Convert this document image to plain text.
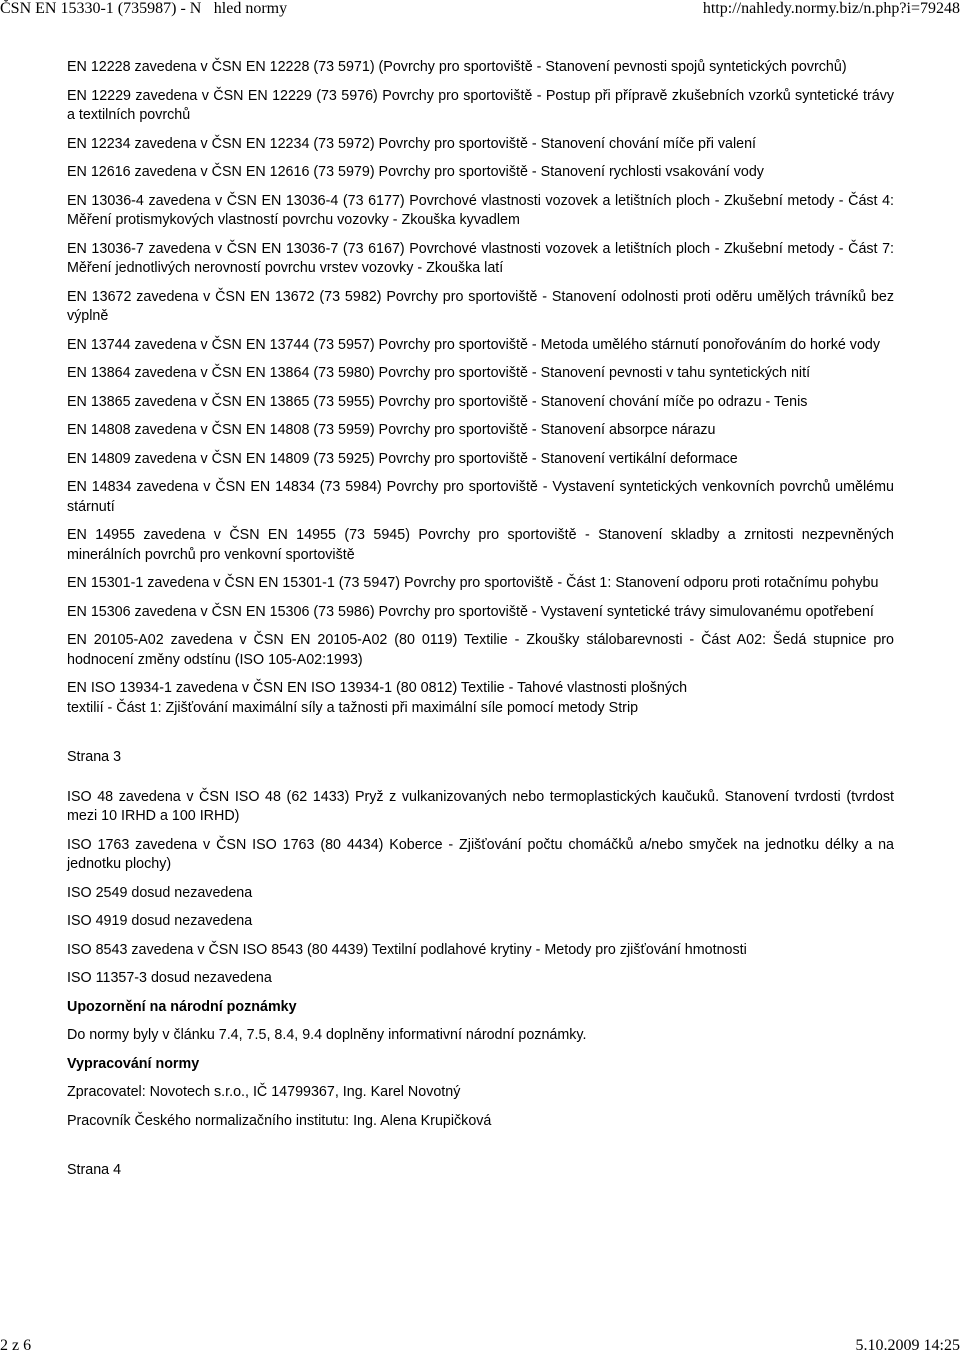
ČSN EN 15330-1 (735987) - N hled normy	http://nahledy.normy.biz/n.php?i=79248

EN 12228 zavedena v ČSN EN 12228 (73 5971) (Povrchy pro sportoviště - Stanovení pevnosti spojů syntetických povrchů)

EN 12229 zavedena v ČSN EN 12229 (73 5976) Povrchy pro sportoviště - Postup při přípravě zkušebních vzorků syntetické trávy a textilních povrchů

EN 12234 zavedena v ČSN EN 12234 (73 5972) Povrchy pro sportoviště - Stanovení chování míče při valení

EN 12616 zavedena v ČSN EN 12616 (73 5979) Povrchy pro sportoviště - Stanovení rychlosti vsakování vody

EN 13036-4 zavedena v ČSN EN 13036-4 (73 6177) Povrchové vlastnosti vozovek a letištních ploch - Zkušební metody - Část 4: Měření protismykových vlastností povrchu vozovky - Zkouška kyvadlem

EN 13036-7 zavedena v ČSN EN 13036-7 (73 6167) Povrchové vlastnosti vozovek a letištních ploch - Zkušební metody - Část 7: Měření jednotlivých nerovností povrchu vrstev vozovky - Zkouška latí

EN 13672 zavedena v ČSN EN 13672 (73 5982) Povrchy pro sportoviště - Stanovení odolnosti proti oděru umělých trávníků bez výplně

EN 13744 zavedena v ČSN EN 13744 (73 5957) Povrchy pro sportoviště - Metoda umělého stárnutí ponořováním do horké vody

EN 13864 zavedena v ČSN EN 13864 (73 5980) Povrchy pro sportoviště - Stanovení pevnosti v tahu syntetických nití

EN 13865 zavedena v ČSN EN 13865 (73 5955) Povrchy pro sportoviště - Stanovení chování míče po odrazu - Tenis

EN 14808 zavedena v ČSN EN 14808 (73 5959) Povrchy pro sportoviště - Stanovení absorpce nárazu

EN 14809 zavedena v ČSN EN 14809 (73 5925) Povrchy pro sportoviště - Stanovení vertikální deformace

EN 14834 zavedena v ČSN EN 14834 (73 5984) Povrchy pro sportoviště - Vystavení syntetických venkovních povrchů umělému stárnutí

EN 14955 zavedena v ČSN EN 14955 (73 5945) Povrchy pro sportoviště - Stanovení skladby a zrnitosti nezpevněných minerálních povrchů pro venkovní sportoviště

EN 15301-1 zavedena v ČSN EN 15301-1 (73 5947) Povrchy pro sportoviště - Část 1: Stanovení odporu proti rotačnímu pohybu

EN 15306 zavedena v ČSN EN 15306 (73 5986) Povrchy pro sportoviště - Vystavení syntetické trávy simulovanému opotřebení

EN 20105-A02 zavedena v ČSN EN 20105-A02 (80 0119) Textilie - Zkoušky stálobarevnosti - Část A02: Šedá stupnice pro hodnocení změny odstínu (ISO 105-A02:1993)

EN ISO 13934-1 zavedena v ČSN EN ISO 13934-1 (80 0812) Textilie - Tahové vlastnosti plošných
textilií - Část 1: Zjišťování maximální síly a tažnosti při maximální síle pomocí metody Strip

Strana 3

ISO 48 zavedena v ČSN ISO 48 (62 1433) Pryž z vulkanizovaných nebo termoplastických kaučuků. Stanovení tvrdosti (tvrdost mezi 10 IRHD a 100 IRHD)

ISO 1763 zavedena v ČSN ISO 1763 (80 4434) Koberce - Zjišťování počtu chomáčků a/nebo smyček na jednotku délky a na jednotku plochy)

ISO 2549 dosud nezavedena

ISO 4919 dosud nezavedena

ISO 8543 zavedena v ČSN ISO 8543 (80 4439) Textilní podlahové krytiny - Metody pro zjišťování hmotnosti

ISO 11357-3 dosud nezavedena

Upozornění na národní poznámky
Do normy byly v článku 7.4, 7.5, 8.4, 9.4 doplněny informativní národní poznámky.
Vypracování normy
Zpracovatel: Novotech s.r.o., IČ 14799367, Ing. Karel Novotný
Pracovník Českého normalizačního institutu: Ing. Alena Krupičková
Strana 4
2 z 6	5.10.2009 14:25
